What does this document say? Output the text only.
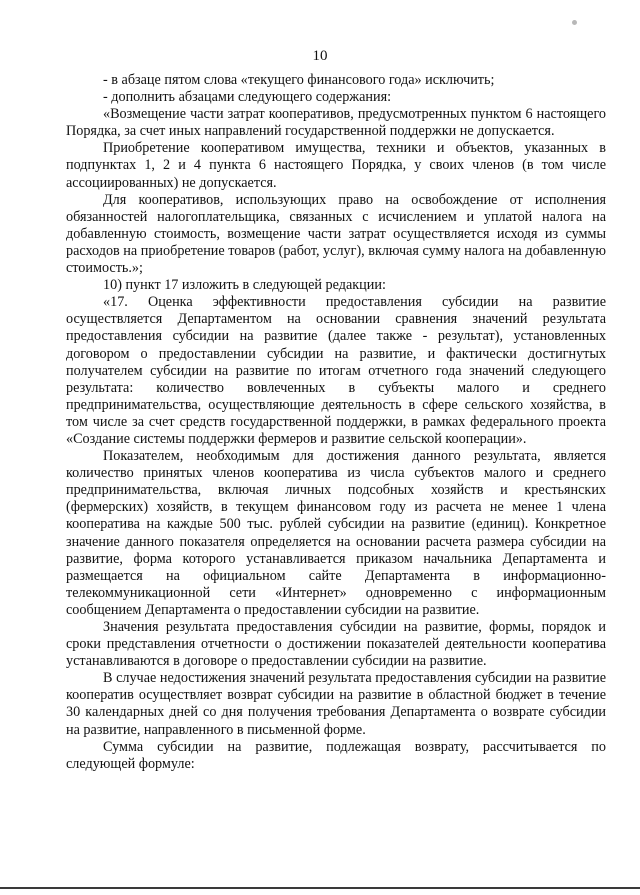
10

- в абзаце пятом слова «текущего финансового года» исключить;

- дополнить абзацами следующего содержания:

«Возмещение части затрат кооперативов, предусмотренных пунктом 6 настоящего Порядка, за счет иных направлений государственной поддержки не допускается.

Приобретение кооперативом имущества, техники и объектов, указанных в подпунктах 1, 2 и 4 пункта 6 настоящего Порядка, у своих членов (в том числе ассоциированных) не допускается.

Для кооперативов, использующих право на освобождение от исполнения обязанностей налогоплательщика, связанных с исчислением и уплатой налога на добавленную стоимость, возмещение части затрат осуществляется исходя из суммы расходов на приобретение товаров (работ, услуг), включая сумму налога на добавленную стоимость.»;

10) пункт 17 изложить в следующей редакции:

«17. Оценка эффективности предоставления субсидии на развитие осуществляется Департаментом на основании сравнения значений результата предоставления субсидии на развитие (далее также - результат), установленных договором о предоставлении субсидии на развитие, и фактически достигнутых получателем субсидии на развитие по итогам отчетного года значений следующего результата: количество вовлеченных в субъекты малого и среднего предпринимательства, осуществляющие деятельность в сфере сельского хозяйства, в том числе за счет средств государственной поддержки, в рамках федерального проекта «Создание системы поддержки фермеров и развитие сельской кооперации».

Показателем, необходимым для достижения данного результата, является количество принятых членов кооператива из числа субъектов малого и среднего предпринимательства, включая личных подсобных хозяйств и крестьянских (фермерских) хозяйств, в текущем финансовом году из расчета не менее 1 члена кооператива на каждые 500 тыс. рублей субсидии на развитие (единиц). Конкретное значение данного показателя определяется на основании расчета размера субсидии на развитие, форма которого устанавливается приказом начальника Департамента и размещается на официальном сайте Департамента в информационно-телекоммуникационной сети «Интернет» одновременно с информационным сообщением Департамента о предоставлении субсидии на развитие.

Значения результата предоставления субсидии на развитие, формы, порядок и сроки представления отчетности о достижении показателей деятельности кооператива устанавливаются в договоре о предоставлении субсидии на развитие.

В случае недостижения значений результата предоставления субсидии на развитие кооператив осуществляет возврат субсидии на развитие в областной бюджет в течение 30 календарных дней со дня получения требования Департамента о возврате субсидии на развитие, направленного в письменной форме.

Сумма субсидии на развитие, подлежащая возврату, рассчитывается по следующей формуле:
